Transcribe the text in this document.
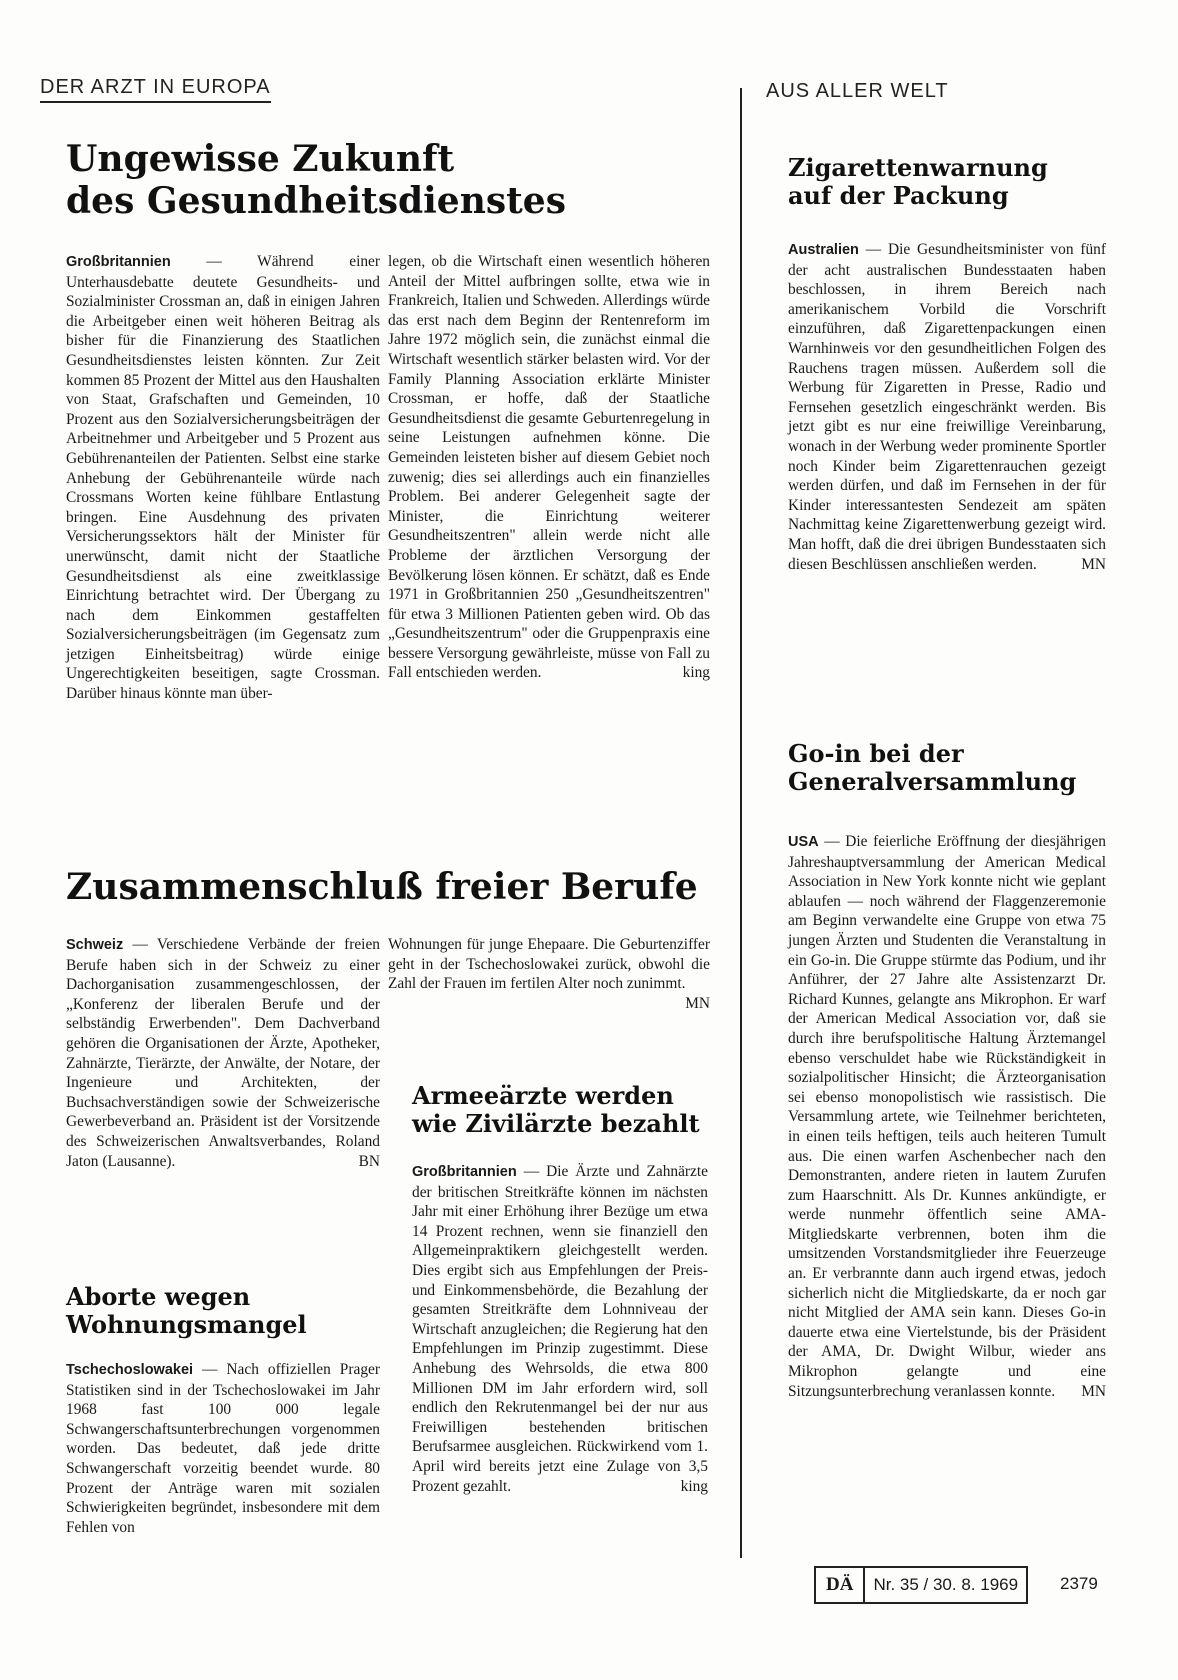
DER ARZT IN EUROPA	AUS ALLER WELT
Ungewisse Zukunft
des Gesundheitsdienstes

Großbritannien — Während einer Unterhausdebatte deutete Gesundheits- und Sozialminister Crossman an, daß in einigen Jahren die Arbeitgeber einen weit höheren Beitrag als bisher für die Finanzierung des Staatlichen Gesundheitsdienstes leisten könnten. Zur Zeit kommen 85 Prozent der Mittel aus den Haushalten von Staat, Grafschaften und Gemeinden, 10 Prozent aus den Sozialversicherungsbeiträgen der Arbeitnehmer und Arbeitgeber und 5 Prozent aus Gebührenanteilen der Patienten. Selbst eine starke Anhebung der Gebührenanteile würde nach Crossmans Worten keine fühlbare Entlastung bringen. Eine Ausdehnung des privaten Versicherungssektors hält der Minister für unerwünscht, damit nicht der Staatliche Gesundheitsdienst als eine zweitklassige Einrichtung betrachtet wird. Der Übergang zu nach dem Einkommen gestaffelten Sozialversicherungsbeiträgen (im Gegensatz zum jetzigen Einheitsbeitrag) würde einige Ungerechtigkeiten beseitigen, sagte Crossman. Darüber hinaus könnte man über-

legen, ob die Wirtschaft einen wesentlich höheren Anteil der Mittel aufbringen sollte, etwa wie in Frankreich, Italien und Schweden. Allerdings würde das erst nach dem Beginn der Rentenreform im Jahre 1972 möglich sein, die zunächst einmal die Wirtschaft wesentlich stärker belasten wird. Vor der Family Planning Association erklärte Minister Crossman, er hoffe, daß der Staatliche Gesundheitsdienst die gesamte Geburtenregelung in seine Leistungen aufnehmen könne. Die Gemeinden leisteten bisher auf diesem Gebiet noch zuwenig; dies sei allerdings auch ein finanzielles Problem. Bei anderer Gelegenheit sagte der Minister, die Einrichtung weiterer Gesundheitszentren" allein werde nicht alle Probleme der ärztlichen Versorgung der Bevölkerung lösen können. Er schätzt, daß es Ende 1971 in Großbritannien 250 „Gesundheitszentren" für etwa 3 Millionen Patienten geben wird. Ob das „Gesundheitszentrum" oder die Gruppenpraxis eine bessere Versorgung gewährleiste, müsse von Fall zu Fall entschieden werden.	king

Zusammenschluß freier Berufe

Schweiz — Verschiedene Verbände der freien Berufe haben sich in der Schweiz zu einer Dachorganisation zusammengeschlossen, der „Konferenz der liberalen Berufe und der selbständig Erwerbenden". Dem Dachverband gehören die Organisationen der Ärzte, Apotheker, Zahnärzte, Tierärzte, der Anwälte, der Notare, der Ingenieure und Architekten, der Buchsachverständigen sowie der Schweizerische Gewerbeverband an. Präsident ist der Vorsitzende des Schweizerischen Anwaltsverbandes, Roland Jaton (Lausanne).	BN

Aborte wegen
Wohnungsmangel

Tschechoslowakei — Nach offiziellen Prager Statistiken sind in der Tschechoslowakei im Jahr 1968 fast 100 000 legale Schwangerschaftsunterbrechungen vorgenommen worden. Das bedeutet, daß jede dritte Schwangerschaft vorzeitig beendet wurde. 80 Prozent der Anträge waren mit sozialen Schwierigkeiten begründet, insbesondere mit dem Fehlen von

Wohnungen für junge Ehepaare. Die Geburtenziffer geht in der Tschechoslowakei zurück, obwohl die Zahl der Frauen im fertilen Alter noch zunimmt.
MN

Armeeärzte werden
wie Zivilärzte bezahlt

Großbritannien — Die Ärzte und Zahnärzte der britischen Streitkräfte können im nächsten Jahr mit einer Erhöhung ihrer Bezüge um etwa 14 Prozent rechnen, wenn sie finanziell den Allgemeinpraktikern gleichgestellt werden. Dies ergibt sich aus Empfehlungen der Preis- und Einkommensbehörde, die Bezahlung der gesamten Streitkräfte dem Lohnniveau der Wirtschaft anzugleichen; die Regierung hat den Empfehlungen im Prinzip zugestimmt. Diese Anhebung des Wehrsolds, die etwa 800 Millionen DM im Jahr erfordern wird, soll endlich den Rekrutenmangel bei der nur aus Freiwilligen bestehenden britischen Berufsarmee ausgleichen. Rückwirkend vom 1. April wird bereits jetzt eine Zulage von 3,5 Prozent gezahlt.	king

Zigarettenwarnung
auf der Packung

Australien — Die Gesundheitsminister von fünf der acht australischen Bundesstaaten haben beschlossen, in ihrem Bereich nach amerikanischem Vorbild die Vorschrift einzuführen, daß Zigarettenpackungen einen Warnhinweis vor den gesundheitlichen Folgen des Rauchens tragen müssen. Außerdem soll die Werbung für Zigaretten in Presse, Radio und Fernsehen gesetzlich eingeschränkt werden. Bis jetzt gibt es nur eine freiwillige Vereinbarung, wonach in der Werbung weder prominente Sportler noch Kinder beim Zigarettenrauchen gezeigt werden dürfen, und daß im Fernsehen in der für Kinder interessantesten Sendezeit am späten Nachmittag keine Zigarettenwerbung gezeigt wird. Man hofft, daß die drei übrigen Bundesstaaten sich diesen Beschlüssen anschließen werden.	MN

Go-in bei der
Generalversammlung

USA — Die feierliche Eröffnung der diesjährigen Jahreshauptversammlung der American Medical Association in New York konnte nicht wie geplant ablaufen — noch während der Flaggenzeremonie am Beginn verwandelte eine Gruppe von etwa 75 jungen Ärzten und Studenten die Veranstaltung in ein Go-in. Die Gruppe stürmte das Podium, und ihr Anführer, der 27 Jahre alte Assistenzarzt Dr. Richard Kunnes, gelangte ans Mikrophon. Er warf der American Medical Association vor, daß sie durch ihre berufspolitische Haltung Ärztemangel ebenso verschuldet habe wie Rückständigkeit in sozialpolitischer Hinsicht; die Ärzteorganisation sei ebenso monopolistisch wie rassistisch. Die Versammlung artete, wie Teilnehmer berichteten, in einen teils heftigen, teils auch heiteren Tumult aus. Die einen warfen Aschenbecher nach den Demonstranten, andere rieten in lautem Zurufen zum Haarschnitt. Als Dr. Kunnes ankündigte, er werde nunmehr öffentlich seine AMA-Mitgliedskarte verbrennen, boten ihm die umsitzenden Vorstandsmitglieder ihre Feuerzeuge an. Er verbrannte dann auch irgend etwas, jedoch sicherlich nicht die Mitgliedskarte, da er noch gar nicht Mitglied der AMA sein kann. Dieses Go-in dauerte etwa eine Viertelstunde, bis der Präsident der AMA, Dr. Dwight Wilbur, wieder ans Mikrophon gelangte und eine Sitzungsunterbrechung veranlassen konnte. MN

DÄ	Nr. 35 / 30. 8. 1969	2379
